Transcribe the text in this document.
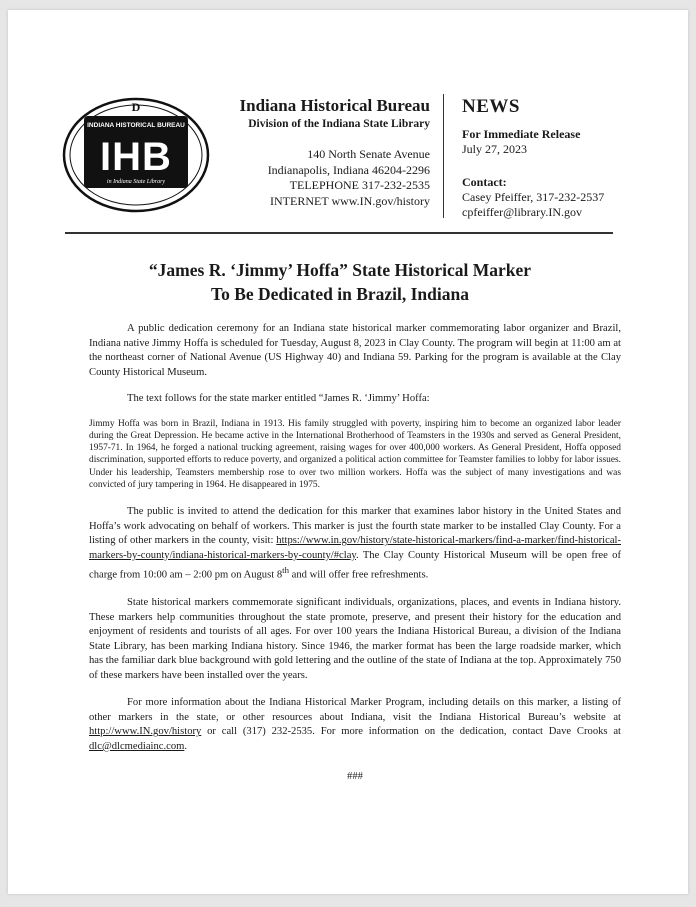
D
INDIANA HISTORICAL BUREAU
IHB
in Indiana State Library
Indiana Historical Bureau
Division of the Indiana State Library
140 North Senate Avenue
Indianapolis, Indiana 46204-2296
TELEPHONE 317-232-2535
INTERNET www.IN.gov/history
NEWS
For Immediate Release
July 27, 2023
Contact:
Casey Pfeiffer, 317-232-2537
cpfeiffer@library.IN.gov
“James R. ‘Jimmy’ Hoffa” State Historical Marker
To Be Dedicated in Brazil, Indiana

A public dedication ceremony for an Indiana state historical marker commemorating labor organizer and Brazil, Indiana native Jimmy Hoffa is scheduled for Tuesday, August 8, 2023 in Clay County. The program will begin at 11:00 am at the northeast corner of National Avenue (US Highway 40) and Indiana 59. Parking for the program is available at the Clay County Historical Museum.

The text follows for the state marker entitled “James R. ‘Jimmy’ Hoffa:

Jimmy Hoffa was born in Brazil, Indiana in 1913. His family struggled with poverty, inspiring him to become an organized labor leader during the Great Depression. He became active in the International Brotherhood of Teamsters in the 1930s and served as General President, 1957-71. In 1964, he forged a national trucking agreement, raising wages for over 400,000 workers. As General President, Hoffa opposed discrimination, supported efforts to reduce poverty, and organized a political action committee for Teamster families to lobby for labor issues. Under his leadership, Teamsters membership rose to over two million workers. Hoffa was the subject of many investigations and was convicted of jury tampering in 1964. He disappeared in 1975.

The public is invited to attend the dedication for this marker that examines labor history in the United States and Hoffa’s work advocating on behalf of workers. This marker is just the fourth state marker to be installed Clay County. For a listing of other markers in the county, visit: https://www.in.gov/history/state-historical-markers/find-a-marker/find-historical-markers-by-county/indiana-historical-markers-by-county/#clay. The Clay County Historical Museum will be open free of charge from 10:00 am – 2:00 pm on August 8th and will offer free refreshments.

State historical markers commemorate significant individuals, organizations, places, and events in Indiana history. These markers help communities throughout the state promote, preserve, and present their history for the education and enjoyment of residents and tourists of all ages. For over 100 years the Indiana Historical Bureau, a division of the Indiana State Library, has been marking Indiana history. Since 1946, the marker format has been the large roadside marker, which has the familiar dark blue background with gold lettering and the outline of the state of Indiana at the top. Approximately 750 of these markers have been installed over the years.

For more information about the Indiana Historical Marker Program, including details on this marker, a listing of other markers in the state, or other resources about Indiana, visit the Indiana Historical Bureau’s website at http://www.IN.gov/history or call (317) 232-2535. For more information on the dedication, contact Dave Crooks at dlc@dlcmediainc.com.

###
